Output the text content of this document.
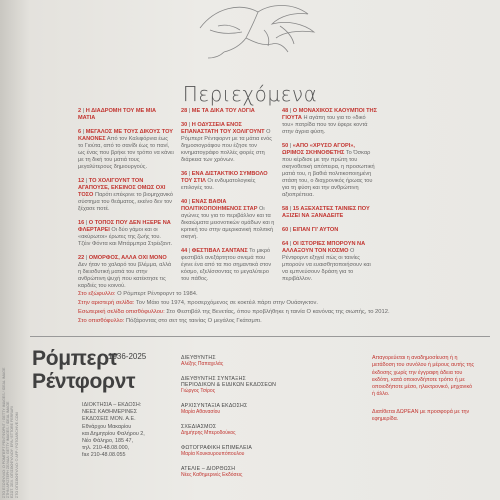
Περιεχόμενα
2 | Η ΔΙΑΔΡΟΜΗ ΤΟΥ ΜΕ ΜΙΑ ΜΑΤΙΑ
6 | ΜΕΓΑΛΟΣ ΜΕ ΤΟΥΣ ΔΙΚΟΥΣ ΤΟΥ ΚΑΝΟΝΕΣ Από τον Καλιφόρνια έως το Γιούτα, από το σανίδι έως το πανί, ως ένας που βρήκε τον τρόπο να κάνει με τη δική του ματιά τους μεγαλύτερους δημιουργούς.
12 | ΤΟ ΧΟΛΙΓΟΥΝΤ ΤΟΝ ΑΓΑΠΟΥΣΕ, ΕΚΕΙΝΟΣ ΟΜΩΣ ΟΧΙ ΤΟΣΟ Παρότι επέκρινε το βιομηχανικό σύστημα του θεάματος, εκείνο δεν τον ξέχασε ποτέ.
16 | Ο ΤΟΠΟΣ ΠΟΥ ΔΕΝ ΗΞΕΡΕ ΝΑ ΦΛΕΡΤΑΡΕΙ Οι δύο γάμοι και οι «ακύρωτοι» έρωτες της ζωής του. Τζέιν Φόντα και Μπάρμπρα Στρέιζαντ.
22 | ΟΜΟΡΦΟΣ, ΑΛΛΑ ΟΧΙ ΜΟΝΟ Δεν ήταν το χαλαρό του βλέμμα, αλλά η διεισδυτική ματιά του στην ανθρώπινη ψυχή που κατέκτησε τις καρδιές του κοινού.
28 | ΜΕ ΤΑ ΔΙΚΑ ΤΟΥ ΛΟΓΙΑ
30 | Η ΟΔΥΣΣΕΙΑ ΕΝΟΣ ΕΠΑΝΑΣΤΑΤΗ ΤΟΥ ΧΟΛΙΓΟΥΝΤ Ο Ρόμπερτ Ρέντφορντ με τα μάτια ενός δημοσιογράφου που έζησε τον κινηματογράφο πολλές φορές στη διάρκεια των χρόνων.
36 | ΕΝΑ ΔΙΣΤΑΚΤΙΚΟ ΣΥΜΒΟΛΟ ΤΟΥ ΣΤΙΛ Οι ενδυματολογικές επιλογές του.
40 | ΕΝΑΣ ΒΑΘΙΑ ΠΟΛΙΤΙΚΟΠΟΙΗΜΕΝΟΣ ΣΤΑΡ Οι αγώνες του για το περιβάλλον και τα δικαιώματα μειονοτικών ομάδων και η κριτική του στην αμερικανική πολιτική σκηνή.
44 | ΦΕΣΤΙΒΑΛ ΣΑΝΤΑΝΣ Το μικρό φεστιβάλ ανεξάρτητου σινεμά που έγινε ένα από τα πιο σημαντικά στον κόσμο, εξελίσσοντας το μεγαλύτερο του πάθος.
48 | Ο ΜΟΝΑΧΙΚΟΣ ΚΑΟΥΜΠΟΙ ΤΗΣ ΓΙΟΥΤΑ Η αγάπη του για το «δικό του» πατρίδα που τον έφερε κοντά στην άγρια φύση.
50 | «ΑΠΟ «ΧΡΥΣΟ ΑΓΟΡΙ», ΩΡΙΜΟΣ ΣΚΗΝΟΘΕΤΗΣ Το Όσκαρ που κέρδισε με την πρώτη του σκηνοθετική απόπειρα, η προσωπική ματιά του, η βαθιά πολιτικοποιημένη στάση του, ο διαχρονικός ήρωας του για τη φύση και την ανθρώπινη αξιοπρέπεια.
58 | 15 ΑΞΕΧΑΣΤΕΣ ΤΑΙΝΙΕΣ ΠΟΥ ΑΞΙΖΕΙ ΝΑ ΞΑΝΑΔΕΙΤΕ
60 | ΕΙΠΑΝ ΓΙ' ΑΥΤΟΝ
64 | ΟΙ ΙΣΤΟΡΙΕΣ ΜΠΟΡΟΥΝ ΝΑ ΑΛΛΑΞΟΥΝ ΤΟΝ ΚΟΣΜΟ Ο Ρέντφορντ εξηγεί πώς οι ταινίες μπορούν να ευαισθητοποιήσουν και να εμπνεύσουν δράση για το περιβάλλον.
Στο εξώφυλλο: Ο Ρόμπερτ Ρέντφορντ το 1984.
Στην αριστερή σελίδα: Τον Μάιο του 1974, προσερχόμενος σε κοκτέιλ πάρτι στην Ουάσιγκτον.
Εσωτερική σελίδα οπισθόφυλλου: Στο Φεστιβάλ της Βενετίας, όπου προβλήθηκε η ταινία Ο κανόνας της σιωπής, το 2012.
Στο οπισθόφυλλο: Πόζάροντας στο σετ της ταινίας Ο μεγάλος Γκάτσμπι.
ΣΤΟ ΕΞΩΦΥΛΛΟ: Ο ΡΟΜΠΕΡΤ ΡΕΝΤΦΟΡΝΤ / GETTY IMAGES / IDEAL IMAGE ΣΤΗΝ ΑΡΙΣΤΕΡΗ ΣΕΛΙΔΑ: GETTY IMAGES / IDEAL IMAGE ΕΣΩΤ. ΣΕΛ. ΟΠΙΣΘΟΦΥΛΛΟΥ: EPA / ETTORE FERRARI ΣΤΟ ΟΠΙΣΘΟΦΥΛΛΟ: © AFP / FOTOARCHIVE.COM
Ρόμπερτ Ρέντφορντ
1936-2025
ΙΔΙΟΚΤΗΣΙΑ – ΕΚΔΟΣΗ:
ΝΕΕΣ ΚΑΘΗΜΕΡΙΝΕΣ
ΕΚΔΟΣΕΙΣ ΜΟΝ. Α.Ε.
Εθνάρχου Μακαρίου
και Δημητρίου Φαλήρου 2,
Νέο Φάληρο, 185 47,
τηλ. 210-48.08.000,
fax 210-48.08.055
ΔΙΕΥΘΥΝΤΗΣ
Αλέξης Παπαχελάς
ΔΙΕΥΘΥΝΤΗΣ ΣΥΝΤΑΞΗΣ ΠΕΡΙΟΔΙΚΩΝ & ΕΙΔΙΚΩΝ ΕΚΔΟΣΕΩΝ
Γιώργος Τσίρος
ΑΡΧΙΣΥΝΤΑΞΙΑ ΕΚΔΟΣΗΣ
Μαρία Αθανασίου
ΣΧΕΔΙΑΣΜΟΣ
Δημήτρης Μπεροδούκος
ΦΩΤΟΓΡΑΦΙΚΗ ΕΠΙΜΕΛΕΙΑ
Μαρία Κουκουρουπόπουλου
ΑΤΕΛΙΕ – ΔΙΟΡΘΩΣΗ
Νέες Καθημερινές Εκδόσεις
Απαγορεύεται η αναδημοσίευση ή η μετάδοση του συνόλου ή μέρους αυτής της έκδοσης χωρίς την έγγραφη άδεια του εκδότη, κατά οποιονδήποτε τρόπο ή με οποιοδήποτε μέσο, ηλεκτρονικό, μηχανικό ή άλλο.
Διατίθεται ΔΩΡΕΑΝ με προσφορά με την εφημερίδα.
